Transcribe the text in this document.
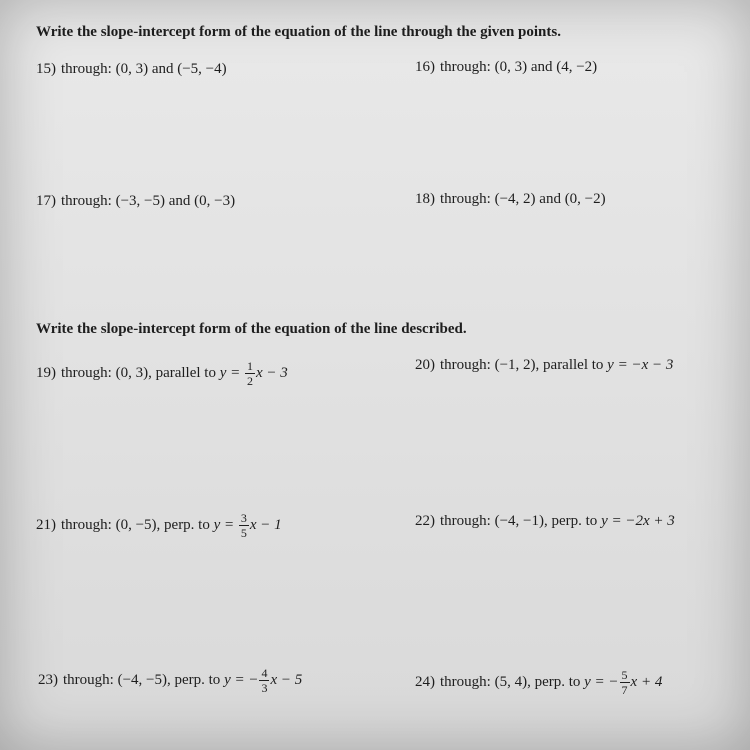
Write the slope-intercept form of the equation of the line through the given points.
15) through: (0, 3) and (−5, −4)	16) through: (0, 3) and (4, −2)
17) through: (−3, −5) and (0, −3)	18) through: (−4, 2) and (0, −2)
Write the slope-intercept form of the equation of the line described.
19) through: (0, 3), parallel to $y = \frac{1}{2}$ x − 3	20) through: (−1, 2), parallel to y = −x − 3
21) through: (0, −5), perp. to $y = \frac{3}{5}$ x − 1	22) through: (−4, −1), perp. to y = −2x + 3
23) through: (−4, −5), perp. to y = − $\frac{4}{3}$ x − 5	24) through: (5, 4), perp. to y = − $\frac{5}{7}$ x + 4
